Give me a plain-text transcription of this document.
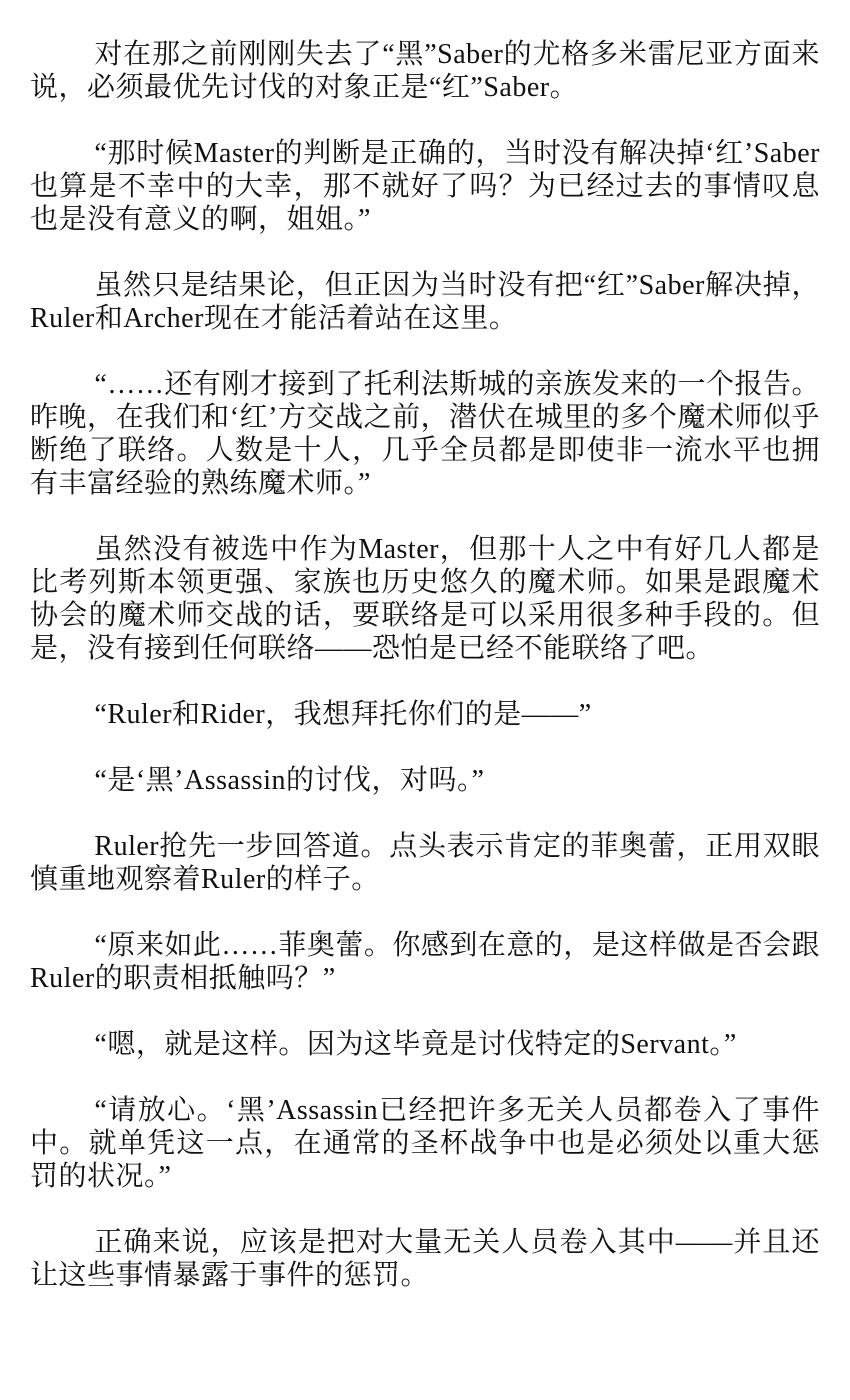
对在那之前刚刚失去了“黑”Saber的尤格多米雷尼亚方面来说，必须最优先讨伐的对象正是“红”Saber。

“那时候Master的判断是正确的，当时没有解决掉‘红’Saber也算是不幸中的大幸，那不就好了吗？为已经过去的事情叹息也是没有意义的啊，姐姐。”

虽然只是结果论，但正因为当时没有把“红”Saber解决掉，Ruler和Archer现在才能活着站在这里。

“……还有刚才接到了托利法斯城的亲族发来的一个报告。昨晚，在我们和‘红’方交战之前，潜伏在城里的多个魔术师似乎断绝了联络。人数是十人，几乎全员都是即使非一流水平也拥有丰富经验的熟练魔术师。”

虽然没有被选中作为Master，但那十人之中有好几人都是比考列斯本领更强、家族也历史悠久的魔术师。如果是跟魔术协会的魔术师交战的话，要联络是可以采用很多种手段的。但是，没有接到任何联络——恐怕是已经不能联络了吧。

“Ruler和Rider，我想拜托你们的是——”

“是‘黑’Assassin的讨伐，对吗。”

Ruler抢先一步回答道。点头表示肯定的菲奥蕾，正用双眼慎重地观察着Ruler的样子。

“原来如此……菲奥蕾。你感到在意的，是这样做是否会跟Ruler的职责相抵触吗？”

“嗯，就是这样。因为这毕竟是讨伐特定的Servant。”

“请放心。‘黑’Assassin已经把许多无关人员都卷入了事件中。就单凭这一点，在通常的圣杯战争中也是必须处以重大惩罚的状况。”

正确来说，应该是把对大量无关人员卷入其中——并且还让这些事情暴露于事件的惩罚。
